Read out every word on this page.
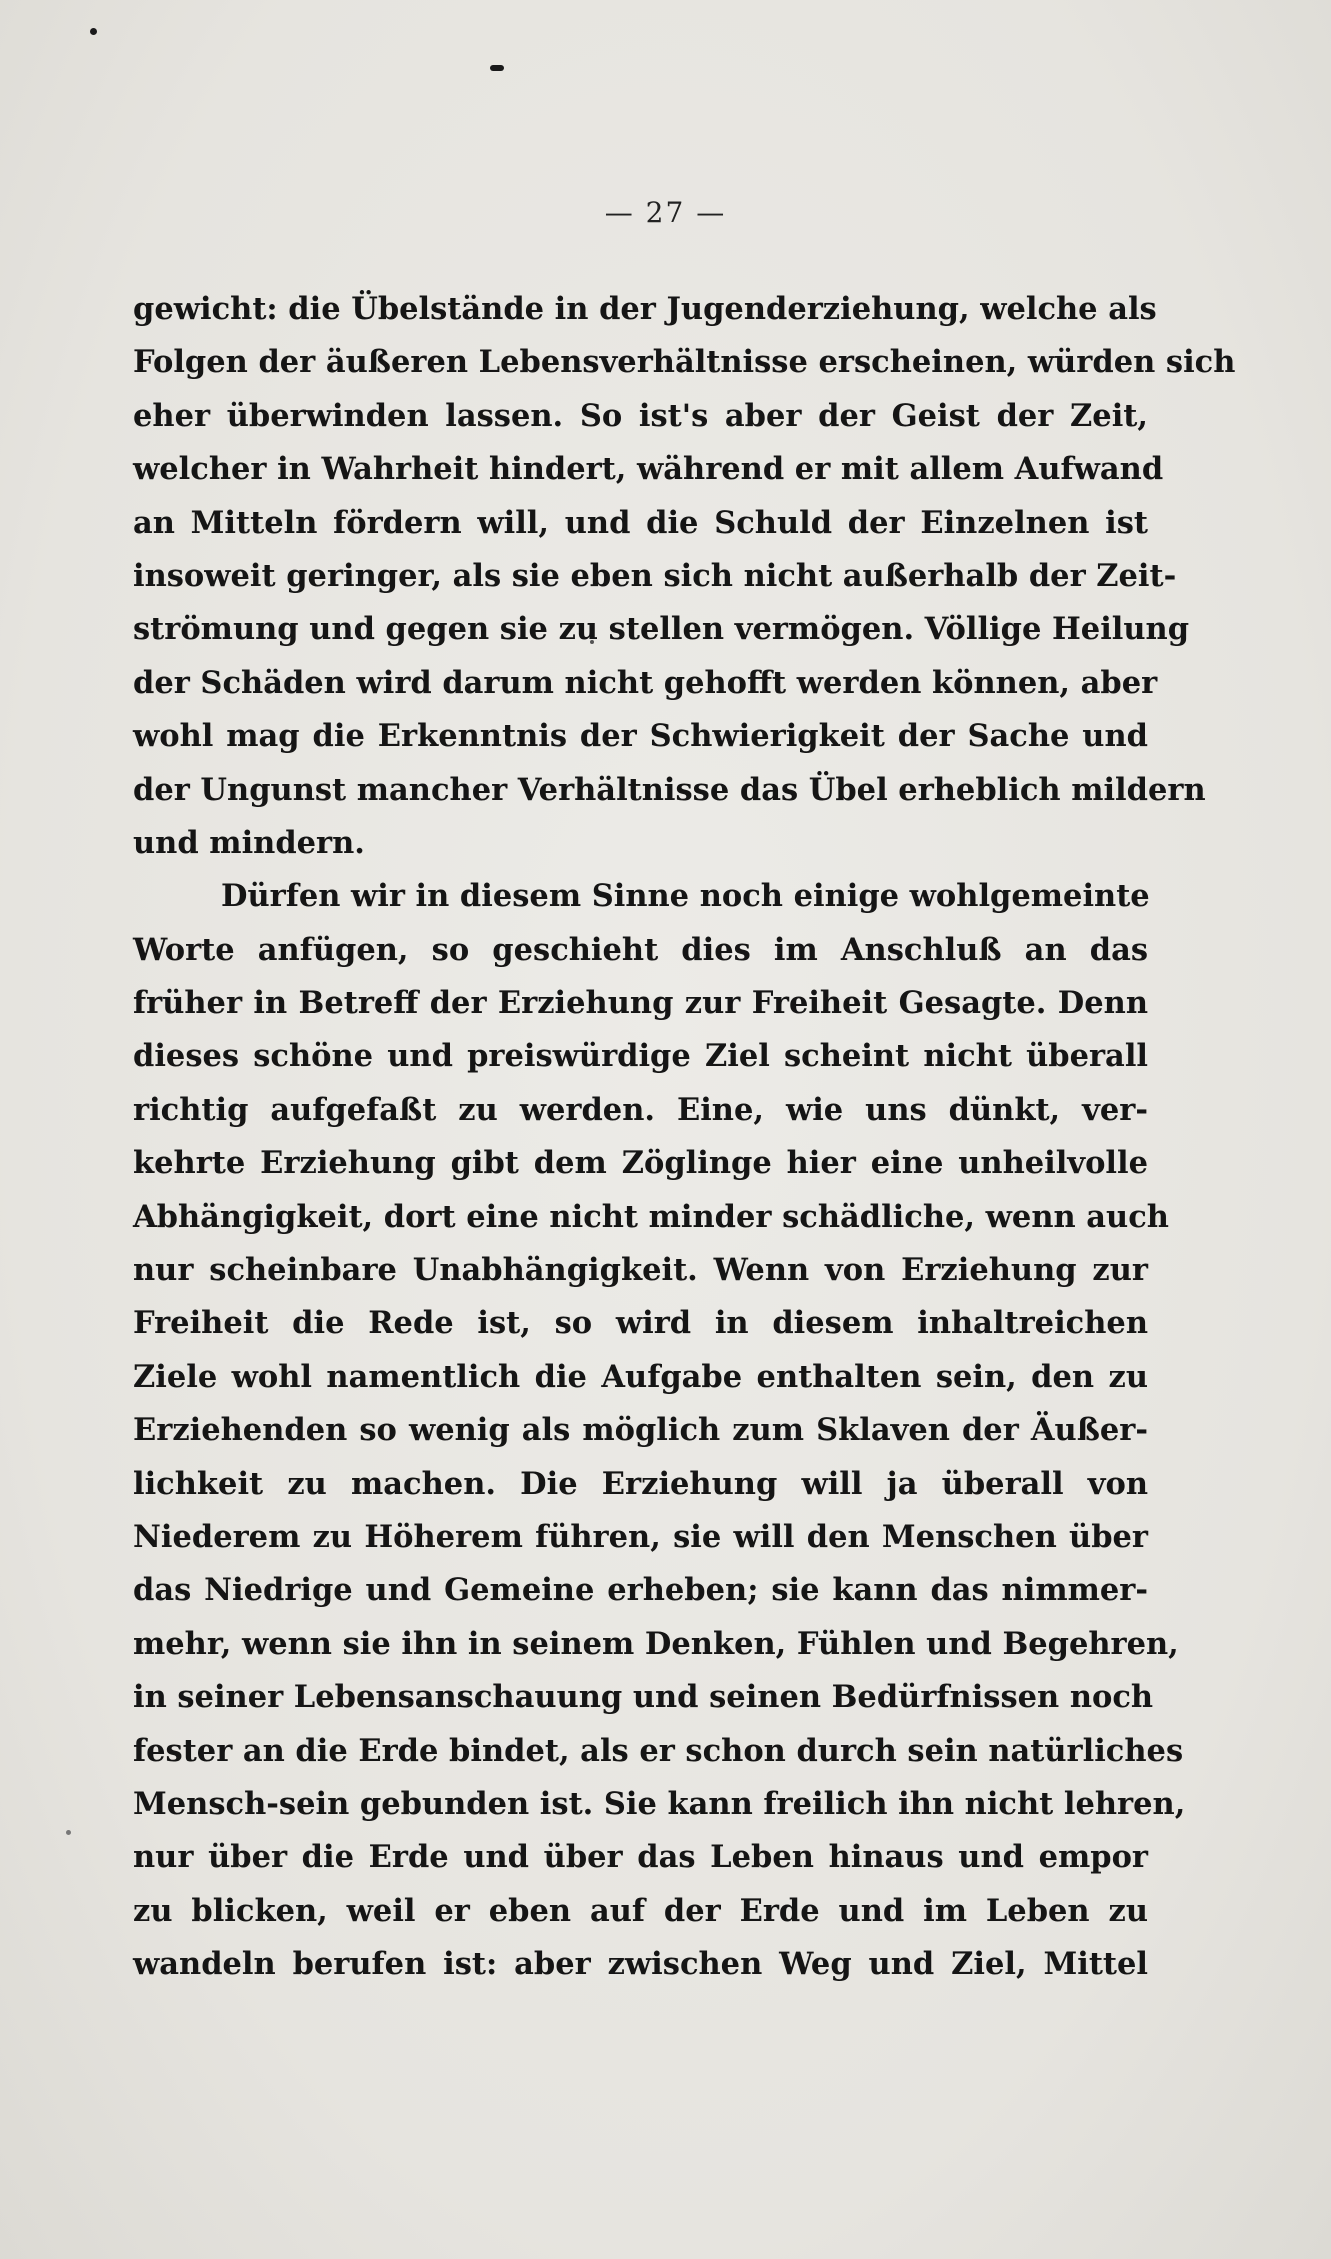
— 27 —
gewicht: die Übelstände in der Jugenderziehung, welche als
Folgen der äußeren Lebensverhältnisse erscheinen, würden sich
eher überwinden lassen. So ist's aber der Geist der Zeit,
welcher in Wahrheit hindert, während er mit allem Aufwand
an Mitteln fördern will, und die Schuld der Einzelnen ist
insoweit geringer, als sie eben sich nicht außerhalb der Zeit-
strömung und gegen sie zu stellen vermögen. Völlige Heilung
der Schäden wird darum nicht gehofft werden können, aber
wohl mag die Erkenntnis der Schwierigkeit der Sache und
der Ungunst mancher Verhältnisse das Übel erheblich mildern
und mindern.
Dürfen wir in diesem Sinne noch einige wohlgemeinte
Worte anfügen, so geschieht dies im Anschluß an das
früher in Betreff der Erziehung zur Freiheit Gesagte. Denn
dieses schöne und preiswürdige Ziel scheint nicht überall
richtig aufgefaßt zu werden. Eine, wie uns dünkt, ver-
kehrte Erziehung gibt dem Zöglinge hier eine unheilvolle
Abhängigkeit, dort eine nicht minder schädliche, wenn auch
nur scheinbare Unabhängigkeit. Wenn von Erziehung zur
Freiheit die Rede ist, so wird in diesem inhaltreichen
Ziele wohl namentlich die Aufgabe enthalten sein, den zu
Erziehenden so wenig als möglich zum Sklaven der Äußer-
lichkeit zu machen. Die Erziehung will ja überall von
Niederem zu Höherem führen, sie will den Menschen über
das Niedrige und Gemeine erheben; sie kann das nimmer-
mehr, wenn sie ihn in seinem Denken, Fühlen und Begehren,
in seiner Lebensanschauung und seinen Bedürfnissen noch
fester an die Erde bindet, als er schon durch sein natürliches
Mensch-sein gebunden ist. Sie kann freilich ihn nicht lehren,
nur über die Erde und über das Leben hinaus und empor
zu blicken, weil er eben auf der Erde und im Leben zu
wandeln berufen ist: aber zwischen Weg und Ziel, Mittel
